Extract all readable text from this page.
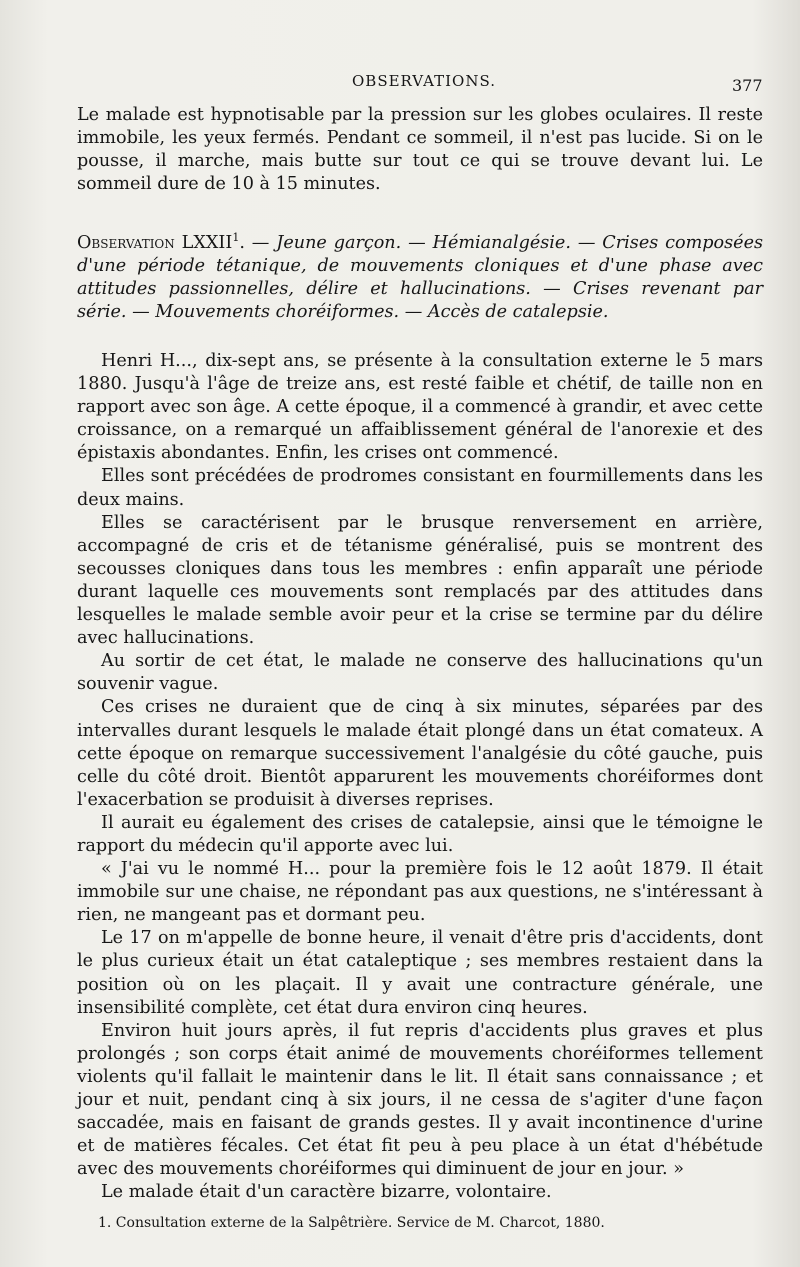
OBSERVATIONS.	377

Le malade est hypnotisable par la pression sur les globes oculaires. Il reste immobile, les yeux fermés. Pendant ce sommeil, il n'est pas lucide. Si on le pousse, il marche, mais butte sur tout ce qui se trouve devant lui. Le sommeil dure de 10 à 15 minutes.

Observation LXXII$^1$. — Jeune garçon. — Hémianalgésie. — Crises composées d'une période tétanique, de mouvements cloniques et d'une phase avec attitudes passionnelles, délire et hallucinations. — Crises revenant par série. — Mouvements choréiformes. — Accès de catalepsie.

Henri H..., dix-sept ans, se présente à la consultation externe le 5 mars 1880. Jusqu'à l'âge de treize ans, est resté faible et chétif, de taille non en rapport avec son âge. A cette époque, il a commencé à grandir, et avec cette croissance, on a remarqué un affaiblissement général de l'anorexie et des épistaxis abondantes. Enfin, les crises ont commencé.

Elles sont précédées de prodromes consistant en fourmillements dans les deux mains.

Elles se caractérisent par le brusque renversement en arrière, accompagné de cris et de tétanisme généralisé, puis se montrent des secousses cloniques dans tous les membres : enfin apparaît une période durant laquelle ces mouvements sont remplacés par des attitudes dans lesquelles le malade semble avoir peur et la crise se termine par du délire avec hallucinations.

Au sortir de cet état, le malade ne conserve des hallucinations qu'un souvenir vague.

Ces crises ne duraient que de cinq à six minutes, séparées par des intervalles durant lesquels le malade était plongé dans un état comateux. A cette époque on remarque successivement l'analgésie du côté gauche, puis celle du côté droit. Bientôt apparurent les mouvements choréiformes dont l'exacerbation se produisit à diverses reprises.

Il aurait eu également des crises de catalepsie, ainsi que le témoigne le rapport du médecin qu'il apporte avec lui.

« J'ai vu le nommé H... pour la première fois le 12 août 1879. Il était immobile sur une chaise, ne répondant pas aux questions, ne s'intéressant à rien, ne mangeant pas et dormant peu.

Le 17 on m'appelle de bonne heure, il venait d'être pris d'accidents, dont le plus curieux était un état cataleptique ; ses membres restaient dans la position où on les plaçait. Il y avait une contracture générale, une insensibilité complète, cet état dura environ cinq heures.

Environ huit jours après, il fut repris d'accidents plus graves et plus prolongés ; son corps était animé de mouvements choréiformes tellement violents qu'il fallait le maintenir dans le lit. Il était sans connaissance ; et jour et nuit, pendant cinq à six jours, il ne cessa de s'agiter d'une façon saccadée, mais en faisant de grands gestes. Il y avait incontinence d'urine et de matières fécales. Cet état fit peu à peu place à un état d'hébétude avec des mouvements choréiformes qui diminuent de jour en jour. »

Le malade était d'un caractère bizarre, volontaire.

1. Consultation externe de la Salpêtrière. Service de M. Charcot, 1880.
